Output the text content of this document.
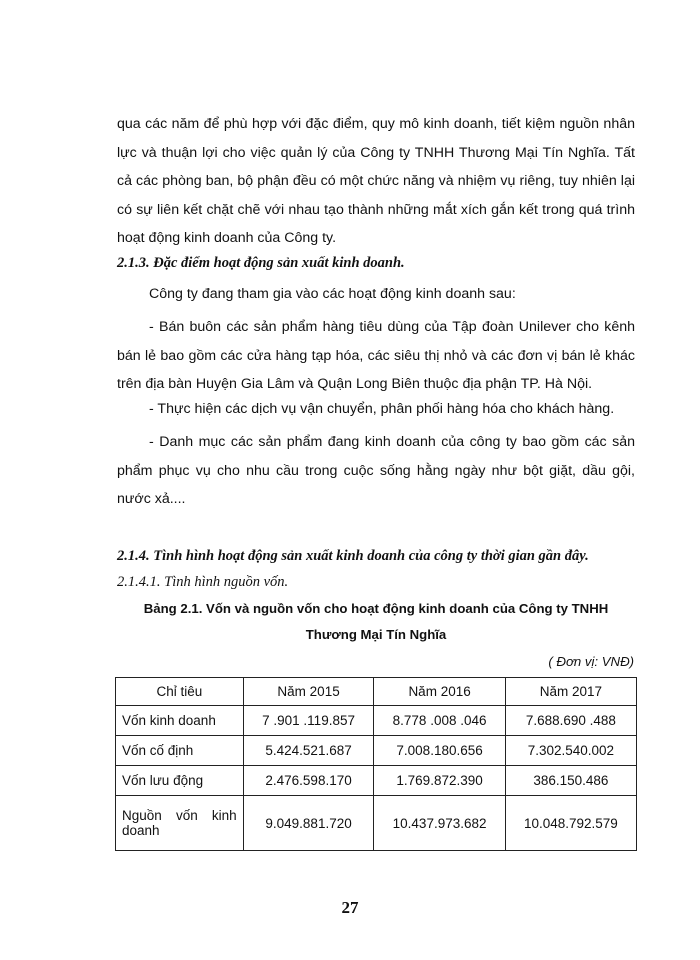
qua các năm để phù hợp với đặc điểm, quy mô kinh doanh, tiết kiệm nguồn nhân lực và thuận lợi cho việc quản lý của Công ty TNHH Thương Mại Tín Nghĩa. Tất cả các phòng ban, bộ phận đều có một chức năng và nhiệm vụ riêng, tuy nhiên lại có sự liên kết chặt chẽ với nhau tạo thành những mắt xích gắn kết trong quá trình hoạt động kinh doanh của Công ty.

2.1.3. Đặc điểm hoạt động sản xuất kinh doanh.

Công ty đang tham gia vào các hoạt động kinh doanh sau:

- Bán buôn các sản phẩm hàng tiêu dùng của Tập đoàn Unilever cho kênh bán lẻ bao gồm các cửa hàng tạp hóa, các siêu thị nhỏ và các đơn vị bán lẻ khác trên địa bàn Huyện Gia Lâm và Quận Long Biên thuộc địa phận TP. Hà Nội.

- Thực hiện các dịch vụ vận chuyển, phân phối hàng hóa cho khách hàng.

- Danh mục các sản phẩm đang kinh doanh của công ty bao gồm các sản phẩm phục vụ cho nhu cầu trong cuộc sống hằng ngày như bột giặt, dầu gội, nước xả....

2.1.4. Tình hình hoạt động sản xuất kinh doanh của công ty thời gian gần đây.

2.1.4.1. Tình hình nguồn vốn.

Bảng 2.1. Vốn và nguồn vốn cho hoạt động kinh doanh của Công ty TNHH

Thương Mại Tín Nghĩa

( Đơn vị: VNĐ)

Chỉ tiêu	Năm 2015	Năm 2016	Năm 2017
Vốn kinh doanh	7 .901 .119.857	8.778 .008 .046	7.688.690 .488
Vốn cố định	5.424.521.687	7.008.180.656	7.302.540.002
Vốn lưu động	2.476.598.170	1.769.872.390	386.150.486
Nguồn vốn kinh doanh	9.049.881.720	10.437.973.682	10.048.792.579

27
